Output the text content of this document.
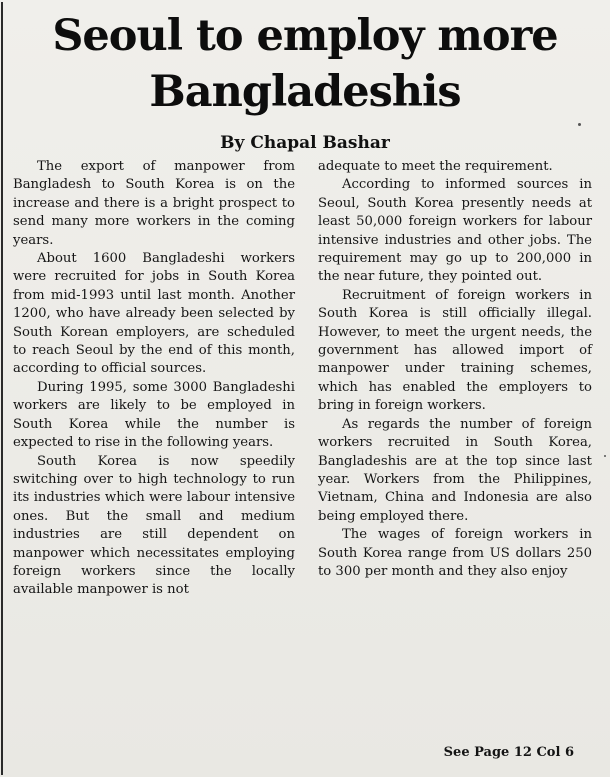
Seoul to employ more
Bangladeshis
By Chapal Bashar

The export of manpower from Bangladesh to South Korea is on the increase and there is a bright prospect to send many more workers in the coming years.

About 1600 Bangladeshi workers were recruited for jobs in South Korea from mid-1993 until last month. Another 1200, who have already been selected by South Korean employers, are scheduled to reach Seoul by the end of this month, according to official sources.

During 1995, some 3000 Bangladeshi workers are likely to be employed in South Korea while the number is expected to rise in the following years.

South Korea is now speedily switching over to high technology to run its industries which were labour intensive ones. But the small and medium industries are still dependent on manpower which necessitates employing foreign workers since the locally available manpower is not

adequate to meet the requirement.

According to informed sources in Seoul, South Korea presently needs at least 50,000 foreign workers for labour intensive industries and other jobs. The requirement may go up to 200,000 in the near future, they pointed out.

Recruitment of foreign workers in South Korea is still officially illegal. However, to meet the urgent needs, the government has allowed import of manpower under training schemes, which has enabled the employers to bring in foreign workers.

As regards the number of foreign workers recruited in South Korea, Bangladeshis are at the top since last year. Workers from the Philippines, Vietnam, China and Indonesia are also being employed there.

The wages of foreign workers in South Korea range from US dollars 250 to 300 per month and they also enjoy

See Page 12 Col 6
